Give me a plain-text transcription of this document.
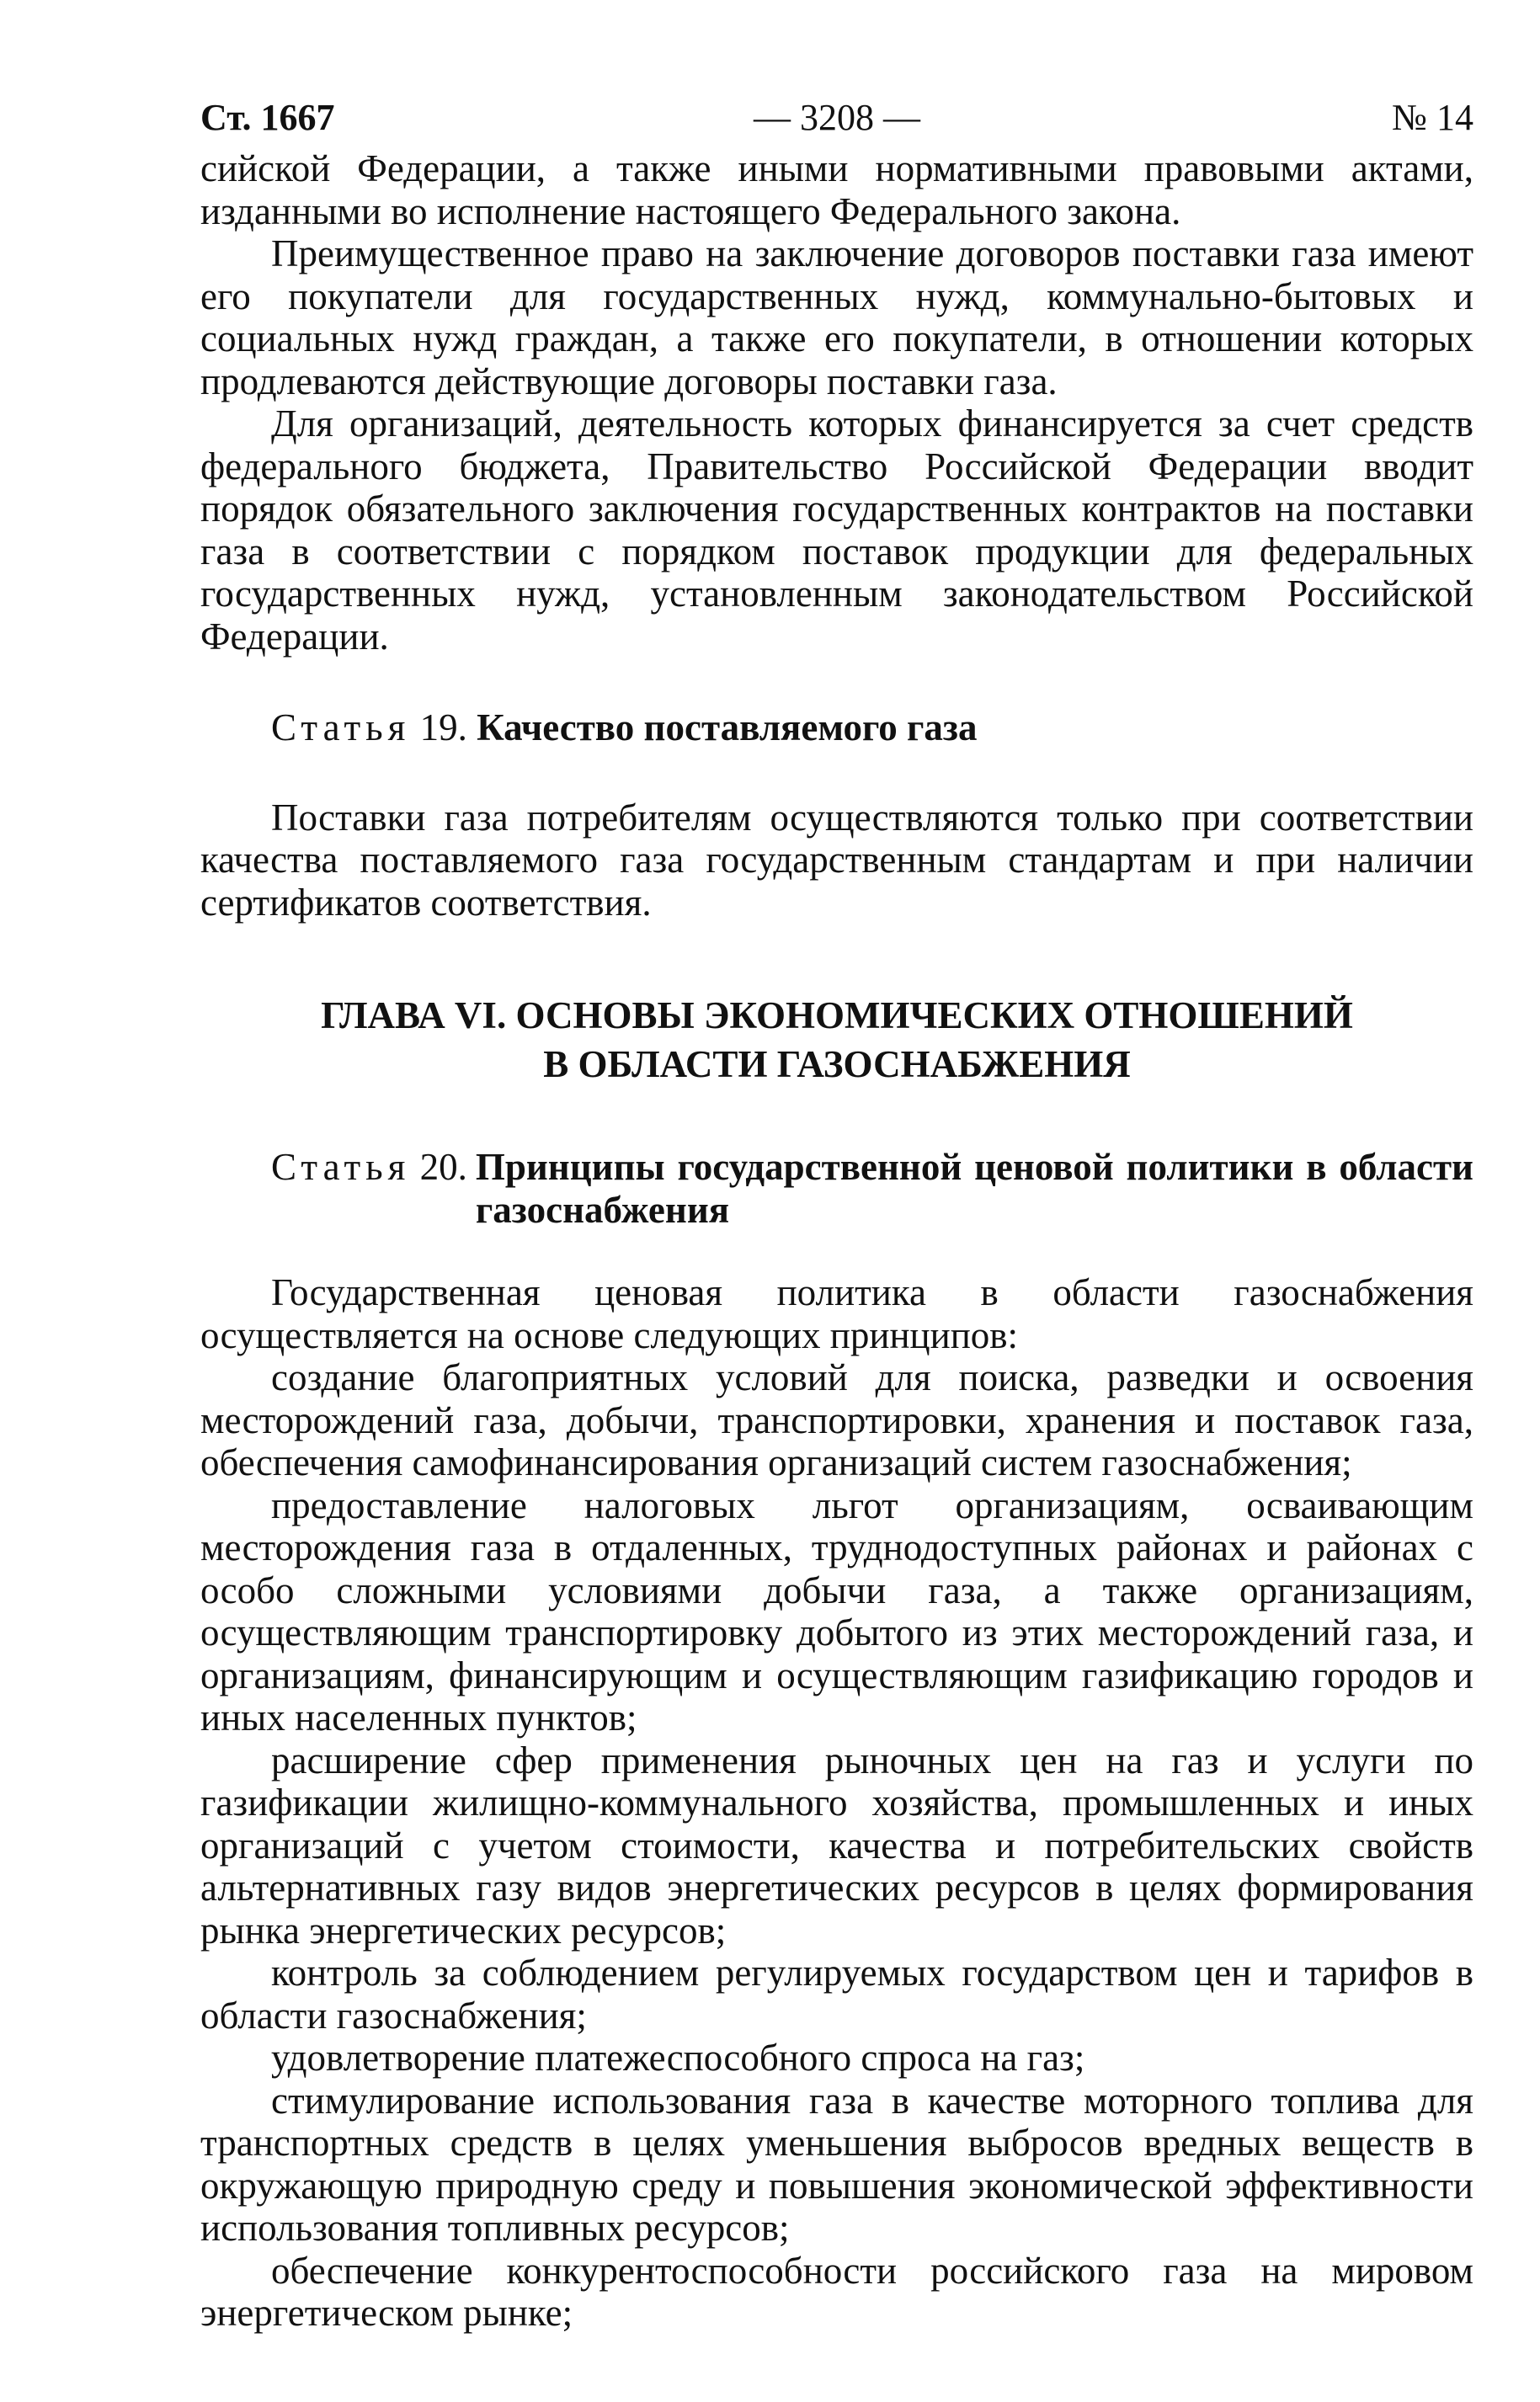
Ст. 1667	— 3208 —	№ 14

сийской Федерации, а также иными нормативными правовыми актами, изданными во исполнение настоящего Федерального закона.

Преимущественное право на заключение договоров поставки газа имеют его покупатели для государственных нужд, коммунально-бытовых и социальных нужд граждан, а также его покупатели, в отношении которых продлеваются действующие договоры поставки газа.

Для организаций, деятельность которых финансируется за счет средств федерального бюджета, Правительство Российской Федерации вводит порядок обязательного заключения государственных контрактов на поставки газа в соответствии с порядком поставок продукции для федеральных государственных нужд, установленным законодательством Российской Федерации.

Статья 19. Качество поставляемого газа

Поставки газа потребителям осуществляются только при соответствии качества поставляемого газа государственным стандартам и при наличии сертификатов соответствия.

ГЛАВА VI. ОСНОВЫ ЭКОНОМИЧЕСКИХ ОТНОШЕНИЙ
В ОБЛАСТИ ГАЗОСНАБЖЕНИЯ
Статья 20. Принципы государственной ценовой политики в области газоснабжения

Государственная ценовая политика в области газоснабжения осуществляется на основе следующих принципов:

создание благоприятных условий для поиска, разведки и освоения месторождений газа, добычи, транспортировки, хранения и поставок газа, обеспечения самофинансирования организаций систем газоснабжения;

предоставление налоговых льгот организациям, осваивающим месторождения газа в отдаленных, труднодоступных районах и районах с особо сложными условиями добычи газа, а также организациям, осуществляющим транспортировку добытого из этих месторождений газа, и организациям, финансирующим и осуществляющим газификацию городов и иных населенных пунктов;

расширение сфер применения рыночных цен на газ и услуги по газификации жилищно-коммунального хозяйства, промышленных и иных организаций с учетом стоимости, качества и потребительских свойств альтернативных газу видов энергетических ресурсов в целях формирования рынка энергетических ресурсов;

контроль за соблюдением регулируемых государством цен и тарифов в области газоснабжения;

удовлетворение платежеспособного спроса на газ;

стимулирование использования газа в качестве моторного топлива для транспортных средств в целях уменьшения выбросов вредных веществ в окружающую природную среду и повышения экономической эффективности использования топливных ресурсов;

обеспечение конкурентоспособности российского газа на мировом энергетическом рынке;
